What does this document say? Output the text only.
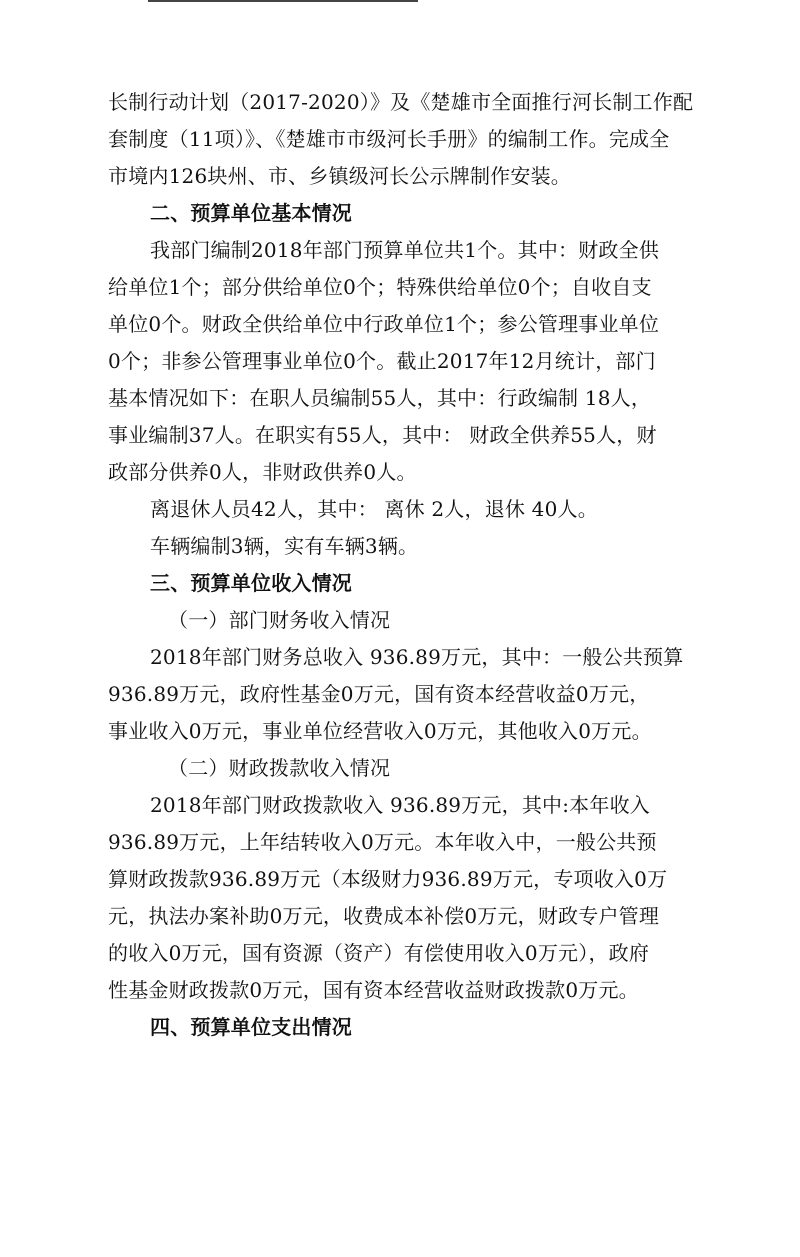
长制行动计划（2017-2020）》及《楚雄市全面推行河长制工作配
套制度（11项）》、《楚雄市市级河长手册》的编制工作。完成全
市境内126块州、市、乡镇级河长公示牌制作安装。
二、预算单位基本情况
我部门编制2018年部门预算单位共1个。其中：财政全供
给单位1个；部分供给单位0个；特殊供给单位0个；自收自支
单位0个。财政全供给单位中行政单位1个；参公管理事业单位
0个；非参公管理事业单位0个。截止2017年12月统计，部门
基本情况如下：在职人员编制55人，其中：行政编制 18人，
事业编制37人。在职实有55人，其中： 财政全供养55人，财
政部分供养0人，非财政供养0人。
离退休人员42人，其中： 离休 2人，退休 40人。
车辆编制3辆，实有车辆3辆。
三、预算单位收入情况
（一）部门财务收入情况
2018年部门财务总收入 936.89万元，其中：一般公共预算
936.89万元，政府性基金0万元，国有资本经营收益0万元，
事业收入0万元，事业单位经营收入0万元，其他收入0万元。
（二）财政拨款收入情况
2018年部门财政拨款收入 936.89万元，其中:本年收入
936.89万元，上年结转收入0万元。本年收入中，一般公共预
算财政拨款936.89万元（本级财力936.89万元，专项收入0万
元，执法办案补助0万元，收费成本补偿0万元，财政专户管理
的收入0万元，国有资源（资产）有偿使用收入0万元），政府
性基金财政拨款0万元，国有资本经营收益财政拨款0万元。
四、预算单位支出情况
